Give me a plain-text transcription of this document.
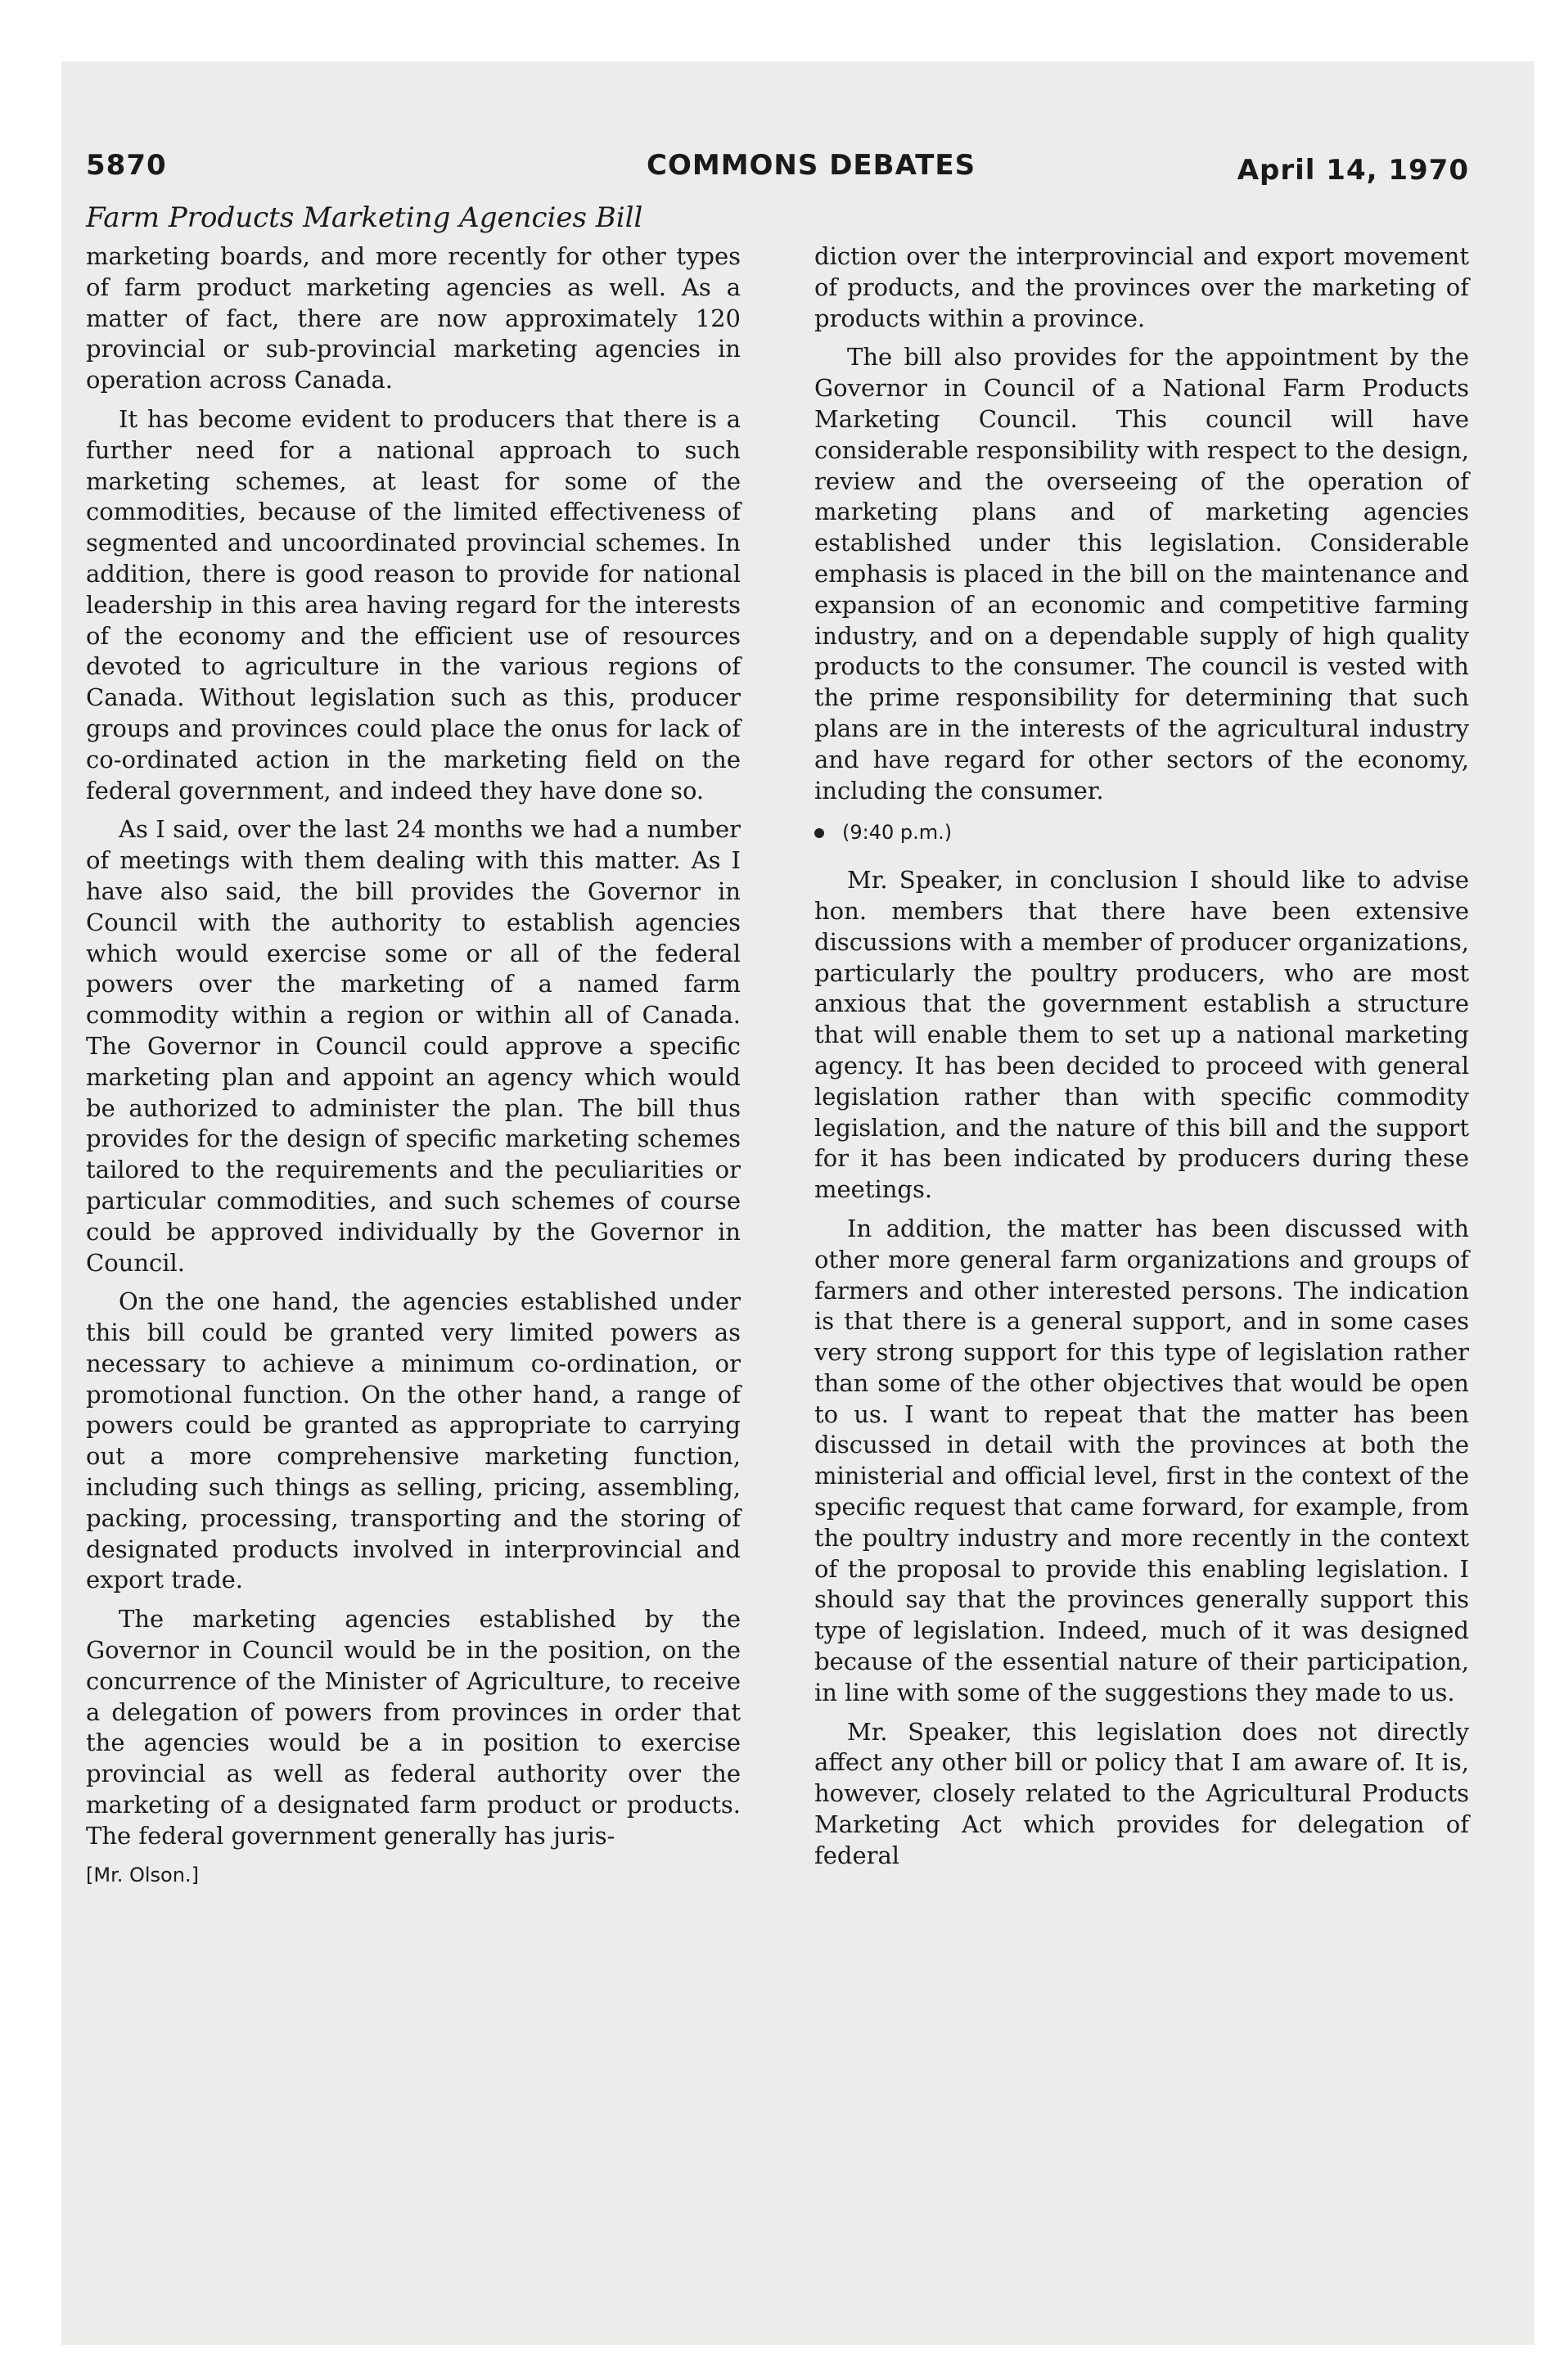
5870	COMMONS DEBATES	April 14, 1970
Farm Products Marketing Agencies Bill

marketing boards, and more recently for other types of farm product marketing agencies as well. As a matter of fact, there are now approximately 120 provincial or sub-provincial marketing agencies in operation across Canada.

It has become evident to producers that there is a further need for a national approach to such marketing schemes, at least for some of the commodities, because of the limited effectiveness of segmented and uncoordinated provincial schemes. In addition, there is good reason to provide for national leadership in this area having regard for the interests of the economy and the efficient use of resources devoted to agriculture in the various regions of Canada. Without legislation such as this, producer groups and provinces could place the onus for lack of co-ordinated action in the marketing field on the federal government, and indeed they have done so.

As I said, over the last 24 months we had a number of meetings with them dealing with this matter. As I have also said, the bill provides the Governor in Council with the authority to establish agencies which would exercise some or all of the federal powers over the marketing of a named farm commodity within a region or within all of Canada. The Governor in Council could approve a specific marketing plan and appoint an agency which would be authorized to administer the plan. The bill thus provides for the design of specific marketing schemes tailored to the requirements and the peculiarities or particular commodities, and such schemes of course could be approved individually by the Governor in Council.

On the one hand, the agencies established under this bill could be granted very limited powers as necessary to achieve a minimum co-ordination, or promotional function. On the other hand, a range of powers could be granted as appropriate to carrying out a more comprehensive marketing function, including such things as selling, pricing, assembling, packing, processing, transporting and the storing of designated products involved in interprovincial and export trade.

The marketing agencies established by the Governor in Council would be in the position, on the concurrence of the Minister of Agriculture, to receive a delegation of powers from provinces in order that the agencies would be a in position to exercise provincial as well as federal authority over the marketing of a designated farm product or products. The federal government generally has juris-

[Mr. Olson.]

diction over the interprovincial and export movement of products, and the provinces over the marketing of products within a province.

The bill also provides for the appointment by the Governor in Council of a National Farm Products Marketing Council. This council will have considerable responsibility with respect to the design, review and the overseeing of the operation of marketing plans and of marketing agencies established under this legislation. Considerable emphasis is placed in the bill on the maintenance and expansion of an economic and competitive farming industry, and on a dependable supply of high quality products to the consumer. The council is vested with the prime responsibility for determining that such plans are in the interests of the agricultural industry and have regard for other sectors of the economy, including the consumer.

(9:40 p.m.)

Mr. Speaker, in conclusion I should like to advise hon. members that there have been extensive discussions with a member of producer organizations, particularly the poultry producers, who are most anxious that the government establish a structure that will enable them to set up a national marketing agency. It has been decided to proceed with general legislation rather than with specific commodity legislation, and the nature of this bill and the support for it has been indicated by producers during these meetings.

In addition, the matter has been discussed with other more general farm organizations and groups of farmers and other interested persons. The indication is that there is a general support, and in some cases very strong support for this type of legislation rather than some of the other objectives that would be open to us. I want to repeat that the matter has been discussed in detail with the provinces at both the ministerial and official level, first in the context of the specific request that came forward, for example, from the poultry industry and more recently in the context of the proposal to provide this enabling legislation. I should say that the provinces generally support this type of legislation. Indeed, much of it was designed because of the essential nature of their participation, in line with some of the suggestions they made to us.

Mr. Speaker, this legislation does not directly affect any other bill or policy that I am aware of. It is, however, closely related to the Agricultural Products Marketing Act which provides for delegation of federal
